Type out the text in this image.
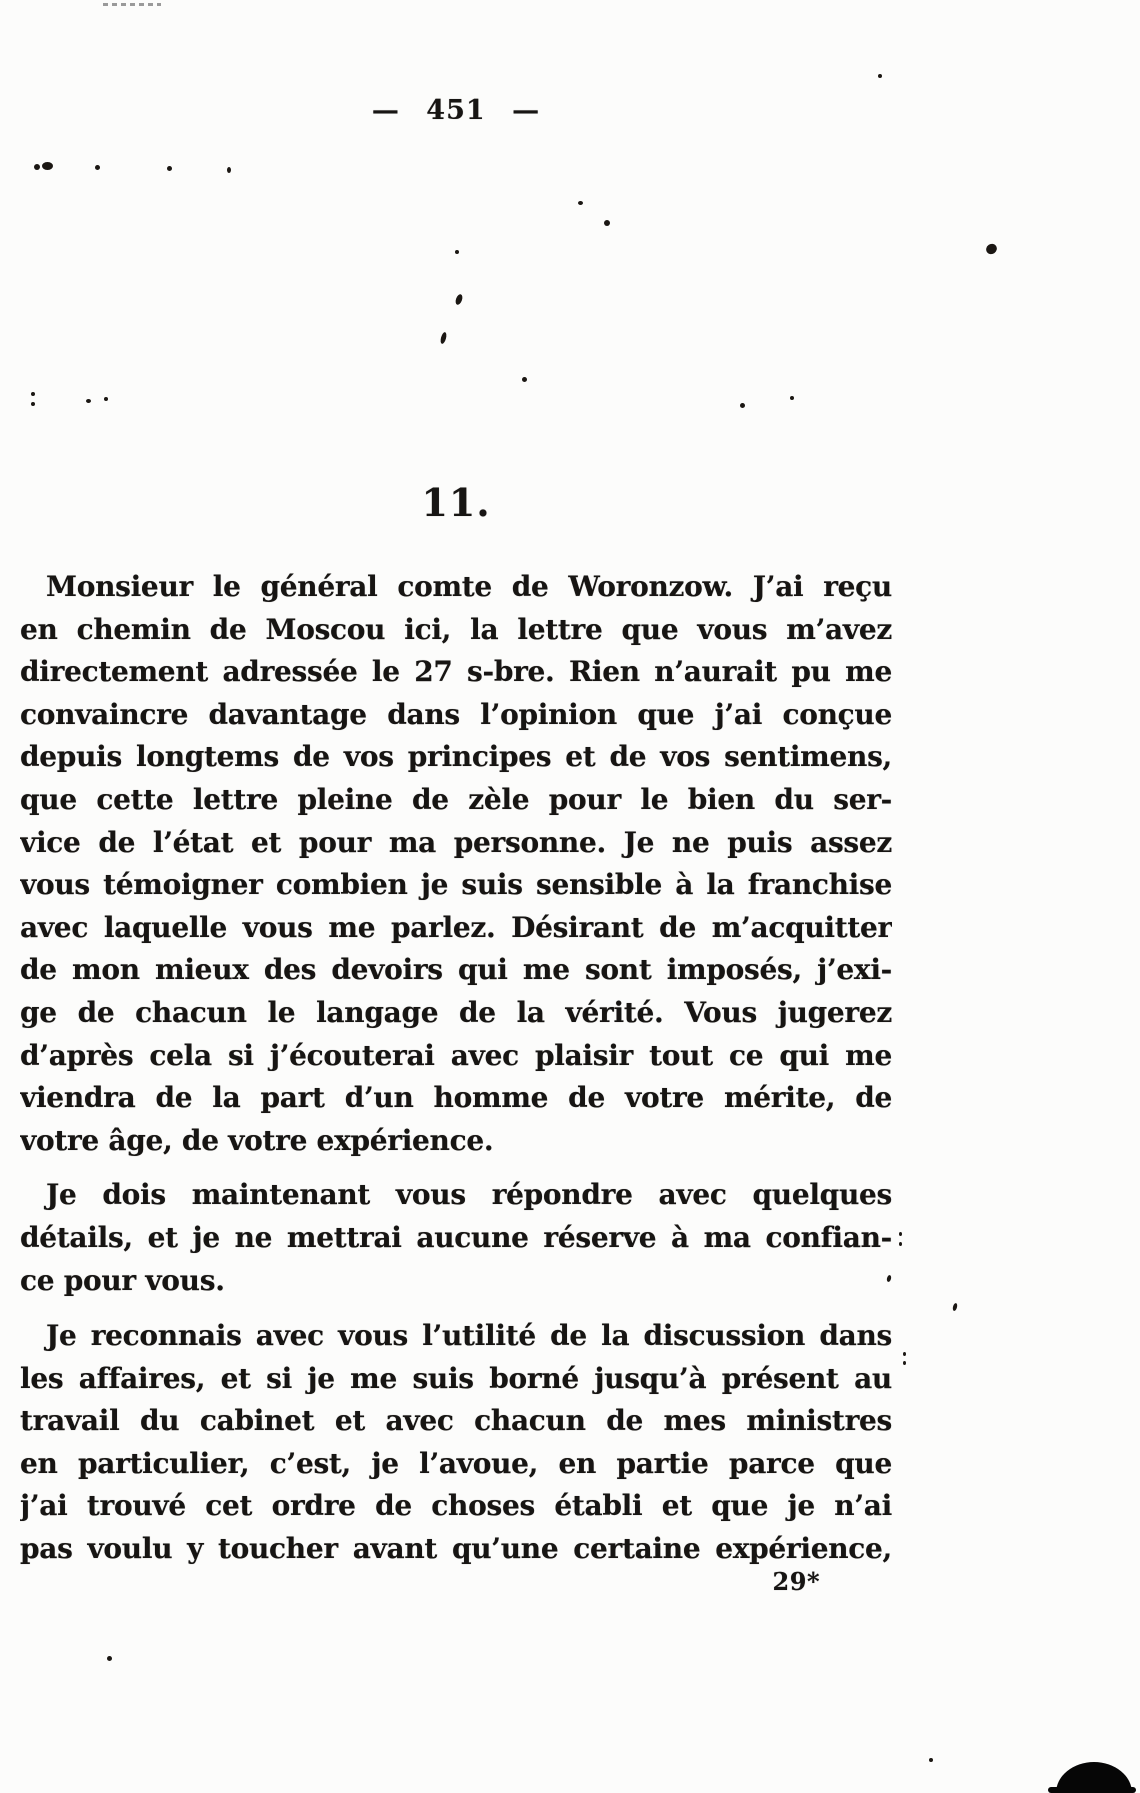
— 451 —
11.
Monsieur le général comte de Woronzow. J’ai reçu
en chemin de Moscou ici, la lettre que vous m’avez
directement adressée le 27 s-bre. Rien n’aurait pu me
convaincre davantage dans l’opinion que j’ai conçue
depuis longtems de vos principes et de vos sentimens,
que cette lettre pleine de zèle pour le bien du ser-
vice de l’état et pour ma personne. Je ne puis assez
vous témoigner combien je suis sensible à la franchise
avec laquelle vous me parlez. Désirant de m’acquitter
de mon mieux des devoirs qui me sont imposés, j’exi-
ge de chacun le langage de la vérité. Vous jugerez
d’après cela si j’écouterai avec plaisir tout ce qui me
viendra de la part d’un homme de votre mérite, de
votre âge, de votre expérience.
Je dois maintenant vous répondre avec quelques
détails, et je ne mettrai aucune réserve à ma confian-
ce pour vous.
Je reconnais avec vous l’utilité de la discussion dans
les affaires, et si je me suis borné jusqu’à présent au
travail du cabinet et avec chacun de mes ministres
en particulier, c’est, je l’avoue, en partie parce que
j’ai trouvé cet ordre de choses établi et que je n’ai
pas voulu y toucher avant qu’une certaine expérience,
29*
